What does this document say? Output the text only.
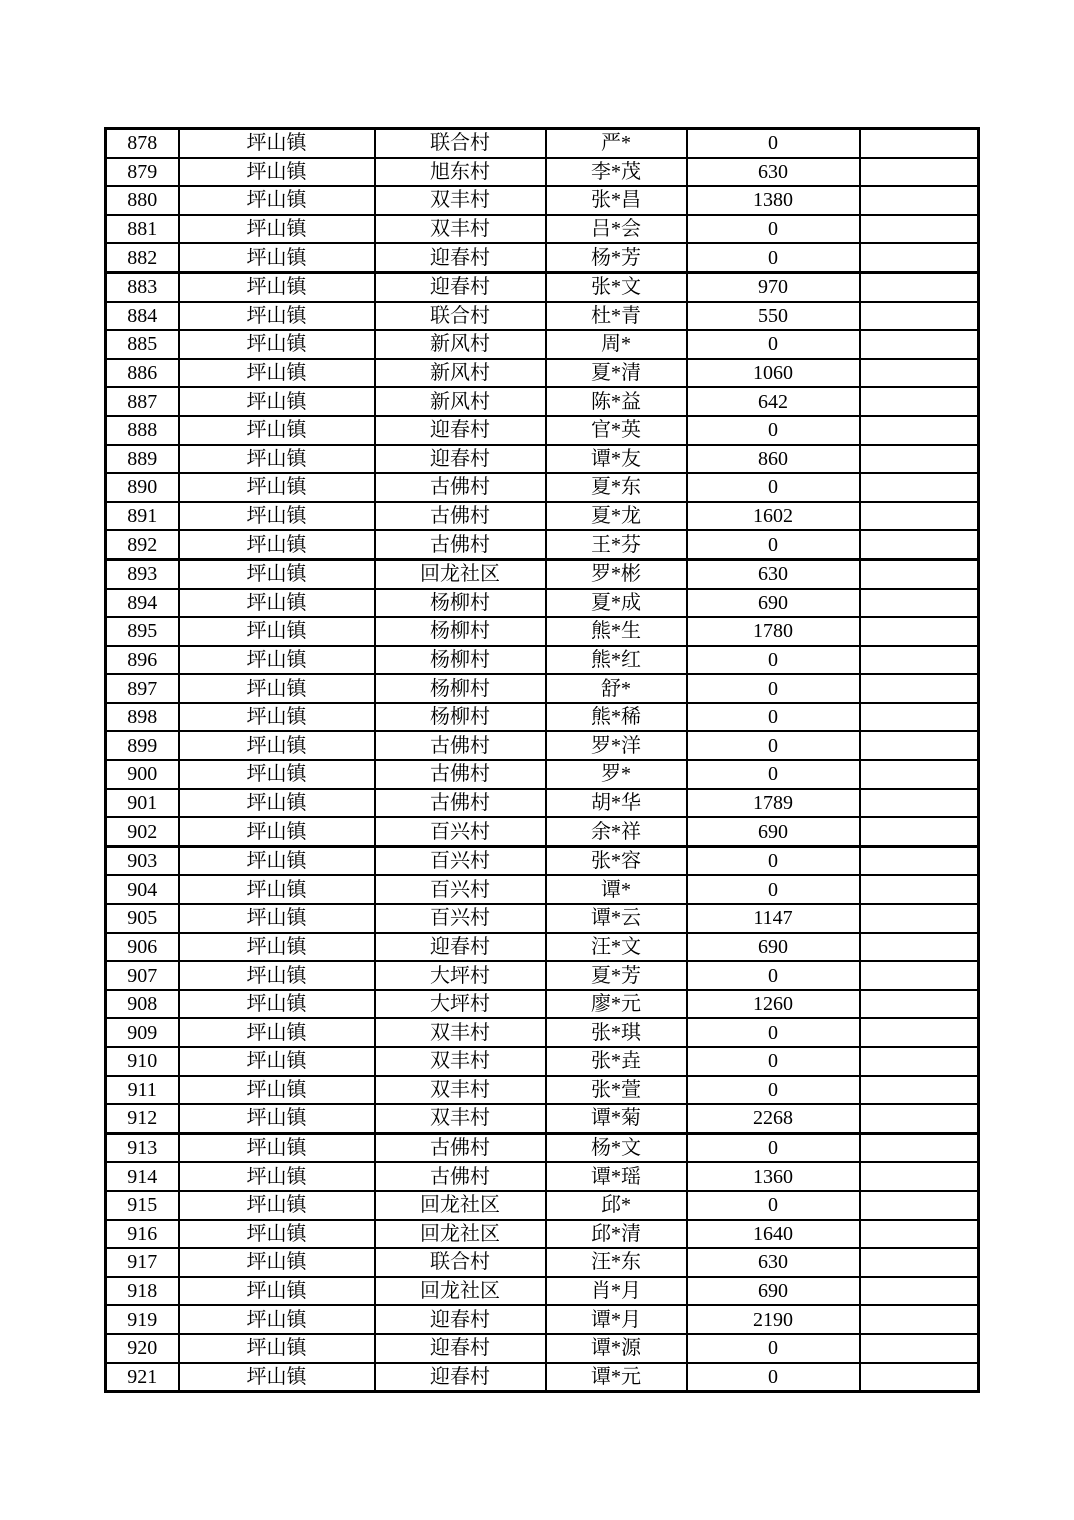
878	坪山镇	联合村	严*	0	
879	坪山镇	旭东村	李*茂	630	
880	坪山镇	双丰村	张*昌	1380	
881	坪山镇	双丰村	吕*会	0	
882	坪山镇	迎春村	杨*芳	0	
883	坪山镇	迎春村	张*文	970	
884	坪山镇	联合村	杜*青	550	
885	坪山镇	新风村	周*	0	
886	坪山镇	新风村	夏*清	1060	
887	坪山镇	新风村	陈*益	642	
888	坪山镇	迎春村	官*英	0	
889	坪山镇	迎春村	谭*友	860	
890	坪山镇	古佛村	夏*东	0	
891	坪山镇	古佛村	夏*龙	1602	
892	坪山镇	古佛村	王*芬	0	
893	坪山镇	回龙社区	罗*彬	630	
894	坪山镇	杨柳村	夏*成	690	
895	坪山镇	杨柳村	熊*生	1780	
896	坪山镇	杨柳村	熊*红	0	
897	坪山镇	杨柳村	舒*	0	
898	坪山镇	杨柳村	熊*稀	0	
899	坪山镇	古佛村	罗*洋	0	
900	坪山镇	古佛村	罗*	0	
901	坪山镇	古佛村	胡*华	1789	
902	坪山镇	百兴村	余*祥	690	
903	坪山镇	百兴村	张*容	0	
904	坪山镇	百兴村	谭*	0	
905	坪山镇	百兴村	谭*云	1147	
906	坪山镇	迎春村	汪*文	690	
907	坪山镇	大坪村	夏*芳	0	
908	坪山镇	大坪村	廖*元	1260	
909	坪山镇	双丰村	张*琪	0	
910	坪山镇	双丰村	张*垚	0	
911	坪山镇	双丰村	张*萱	0	
912	坪山镇	双丰村	谭*菊	2268	
913	坪山镇	古佛村	杨*文	0	
914	坪山镇	古佛村	谭*瑶	1360	
915	坪山镇	回龙社区	邱*	0	
916	坪山镇	回龙社区	邱*清	1640	
917	坪山镇	联合村	汪*东	630	
918	坪山镇	回龙社区	肖*月	690	
919	坪山镇	迎春村	谭*月	2190	
920	坪山镇	迎春村	谭*源	0	
921	坪山镇	迎春村	谭*元	0	
